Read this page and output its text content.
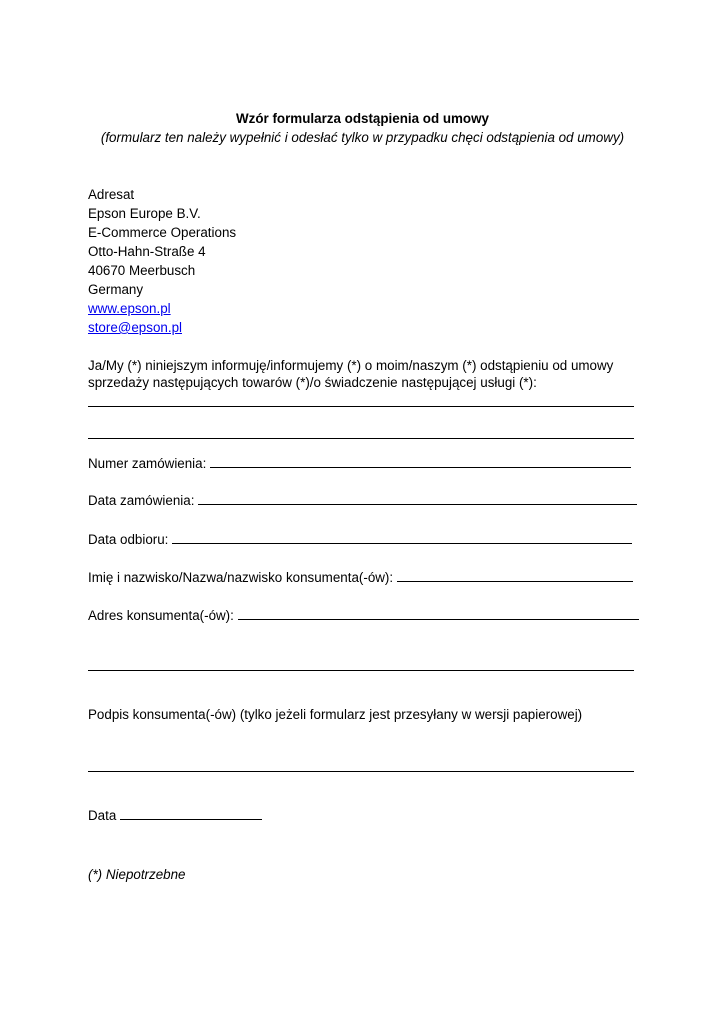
Wzór formularza odstąpienia od umowy
(formularz ten należy wypełnić i odesłać tylko w przypadku chęci odstąpienia od umowy)
Adresat
Epson Europe B.V.
E-Commerce Operations
Otto-Hahn-Straße 4
40670 Meerbusch
Germany
www.epson.pl
store@epson.pl
Ja/My (*) niniejszym informuję/informujemy (*) o moim/naszym (*) odstąpieniu od umowy
sprzedaży następujących towarów (*)/o świadczenie następującej usługi (*):
Numer zamówienia:
Data zamówienia:
Data odbioru:
Imię i nazwisko/Nazwa/nazwisko konsumenta(-ów):
Adres konsumenta(-ów):
Podpis konsumenta(-ów) (tylko jeżeli formularz jest przesyłany w wersji papierowej)
Data
(*) Niepotrzebne
